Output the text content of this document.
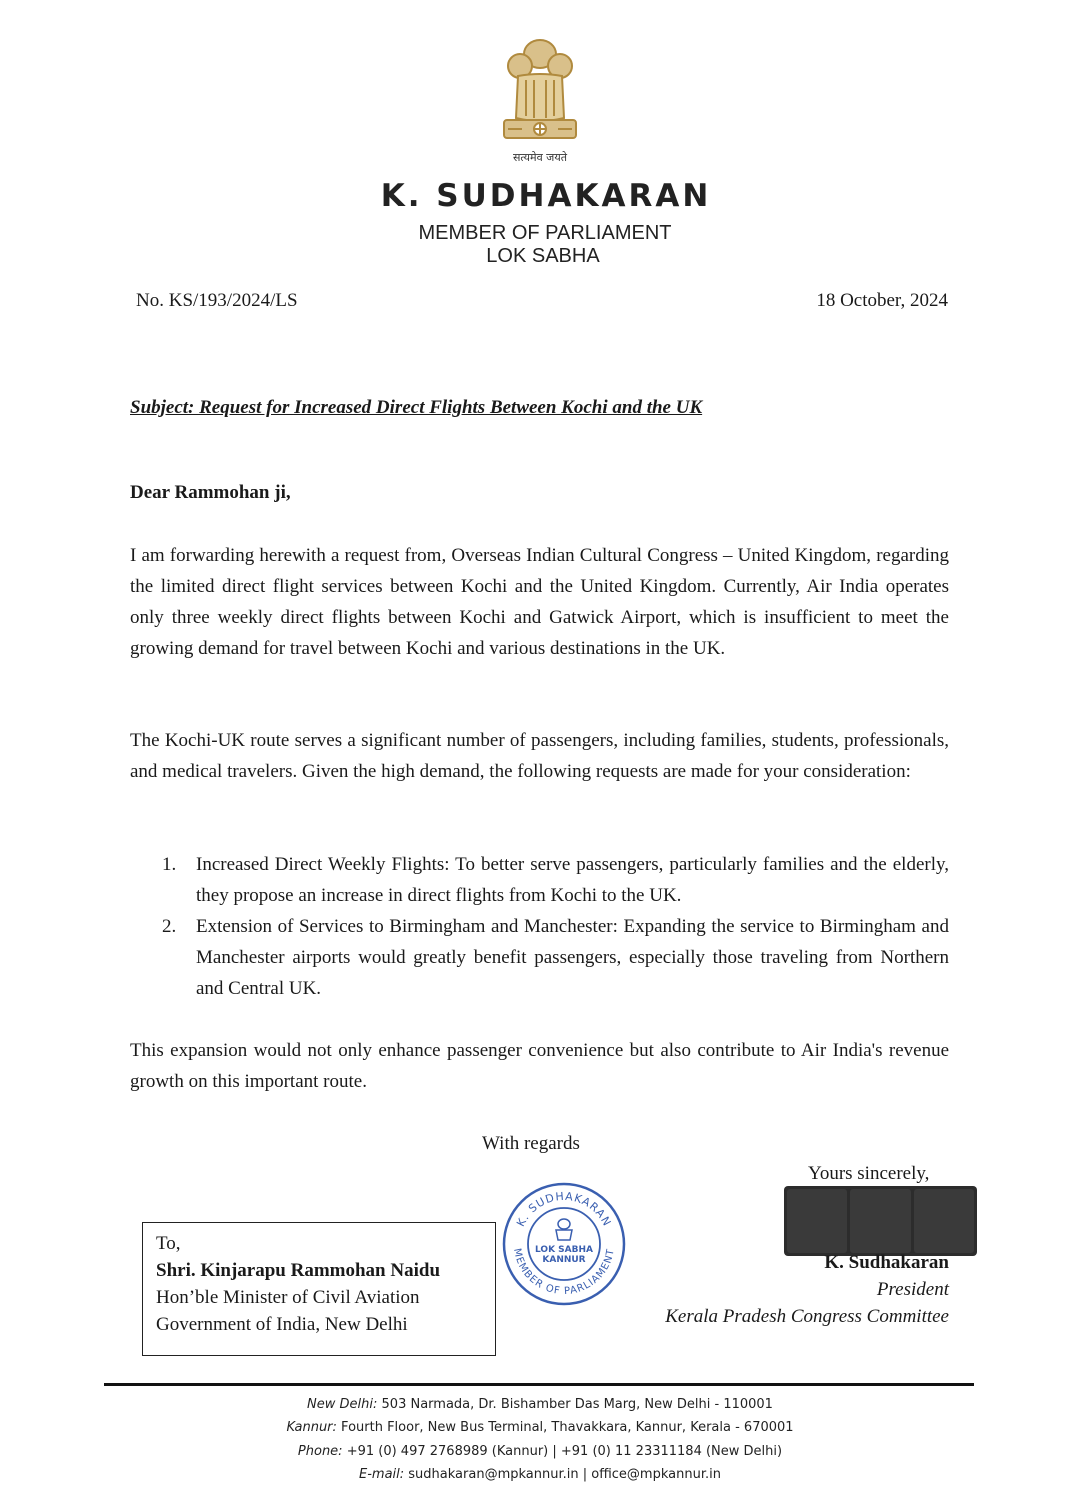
सत्यमेव जयते
K. SUDHAKARAN
MEMBER OF PARLIAMENT
LOK SABHA
No. KS/193/2024/LS	18 October, 2024
Subject: Request for Increased Direct Flights Between Kochi and the UK
Dear Rammohan ji,
I am forwarding herewith a request from, Overseas Indian Cultural Congress – United Kingdom, regarding the limited direct flight services between Kochi and the United Kingdom. Currently, Air India operates only three weekly direct flights between Kochi and Gatwick Airport, which is insufficient to meet the growing demand for travel between Kochi and various destinations in the UK.
The Kochi-UK route serves a significant number of passengers, including families, students, professionals, and medical travelers. Given the high demand, the following requests are made for your consideration:
1. Increased Direct Weekly Flights: To better serve passengers, particularly families and the elderly, they propose an increase in direct flights from Kochi to the UK.
2. Extension of Services to Birmingham and Manchester: Expanding the service to Birmingham and Manchester airports would greatly benefit passengers, especially those traveling from Northern and Central UK.
This expansion would not only enhance passenger convenience but also contribute to Air India's revenue growth on this important route.
With regards
Yours sincerely,
K. SUDHAKARAN
MEMBER OF PARLIAMENT
LOK SABHA
KANNUR	K. Sudhakaran
President
Kerala Pradesh Congress Committee
To,
Shri. Kinjarapu Rammohan Naidu
Hon’ble Minister of Civil Aviation
Government of India, New Delhi
New Delhi: 503 Narmada, Dr. Bishamber Das Marg, New Delhi - 110001
Kannur: Fourth Floor, New Bus Terminal, Thavakkara, Kannur, Kerala - 670001
Phone: +91 (0) 497 2768989 (Kannur) | +91 (0) 11 23311184 (New Delhi)
E-mail: sudhakaran@mpkannur.in | office@mpkannur.in
